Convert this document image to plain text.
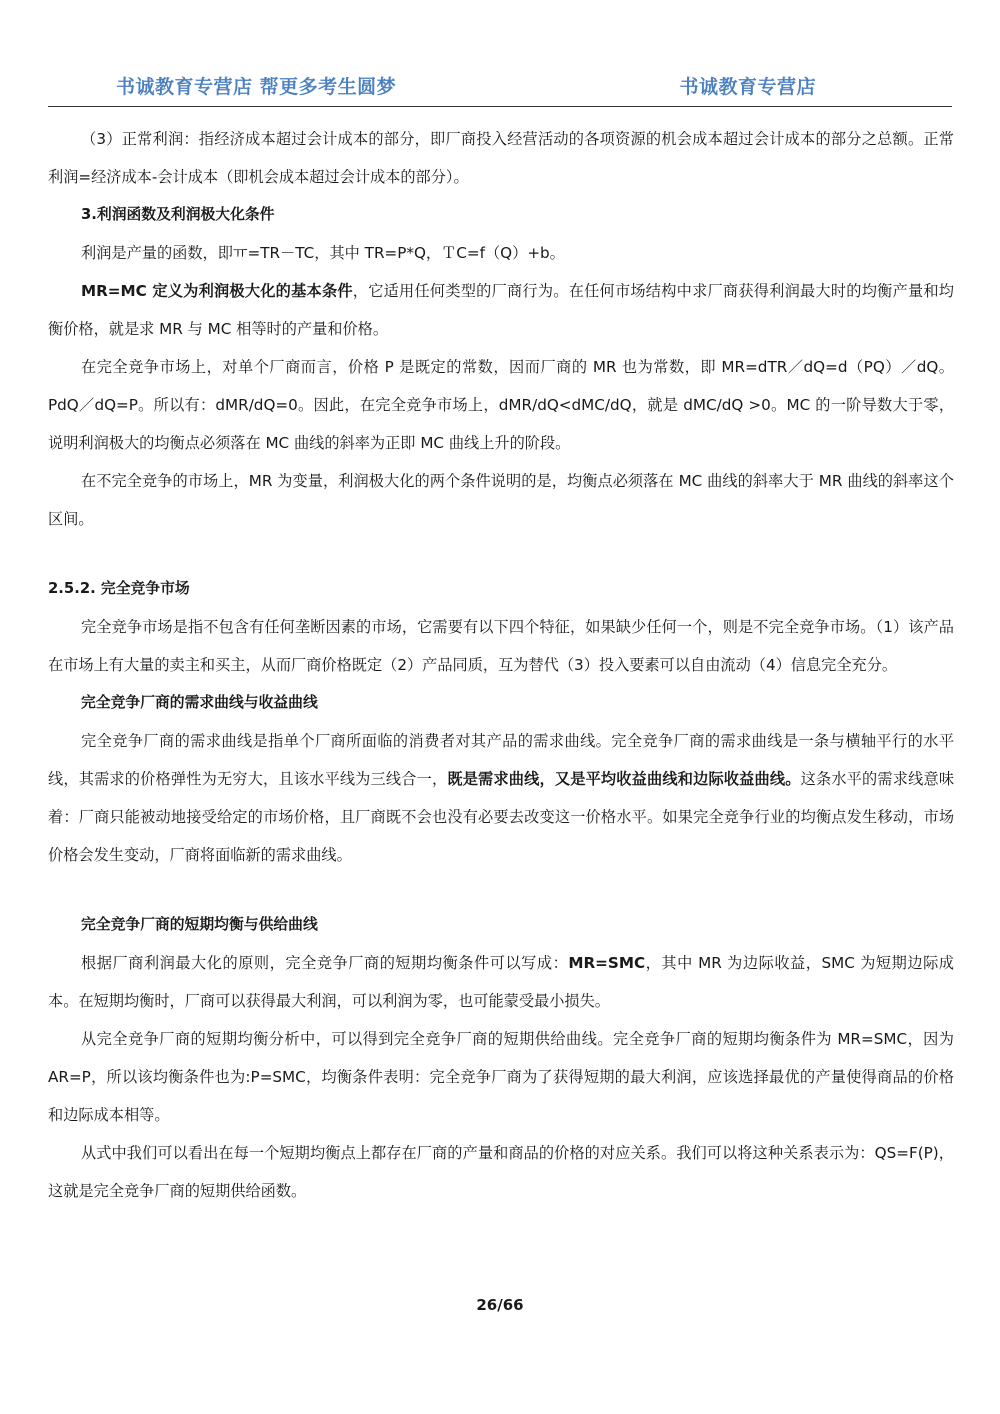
书诚教育专营店 帮更多考生圆梦	书诚教育专营店

（3）正常利润：指经济成本超过会计成本的部分，即厂商投入经营活动的各项资源的机会成本超过会计成本的部分之总额。正常利润=经济成本-会计成本（即机会成本超过会计成本的部分）。

3.利润函数及利润极大化条件

利润是产量的函数，即ㅠ=TR－TC，其中 TR=P*Q，ＴC=f（Q）+b。

MR=MC 定义为利润极大化的基本条件，它适用任何类型的厂商行为。在任何市场结构中求厂商获得利润最大时的均衡产量和均衡价格，就是求 MR 与 MC 相等时的产量和价格。

在完全竞争市场上，对单个厂商而言，价格 P 是既定的常数，因而厂商的 MR 也为常数，即 MR=dTR／dQ=d（PQ）／dQ。PdQ／dQ=P。所以有：dMR/dQ=0。因此，在完全竞争市场上，dMR/dQ<dMC/dQ，就是 dMC/dQ >0。MC 的一阶导数大于零，说明利润极大的均衡点必须落在 MC 曲线的斜率为正即 MC 曲线上升的阶段。

在不完全竞争的市场上，MR 为变量，利润极大化的两个条件说明的是，均衡点必须落在 MC 曲线的斜率大于 MR 曲线的斜率这个区间。

2.5.2. 完全竞争市场

完全竞争市场是指不包含有任何垄断因素的市场，它需要有以下四个特征，如果缺少任何一个，则是不完全竞争市场。（1）该产品在市场上有大量的卖主和买主，从而厂商价格既定（2）产品同质，互为替代（3）投入要素可以自由流动（4）信息完全充分。

完全竞争厂商的需求曲线与收益曲线

完全竞争厂商的需求曲线是指单个厂商所面临的消费者对其产品的需求曲线。完全竞争厂商的需求曲线是一条与横轴平行的水平线，其需求的价格弹性为无穷大，且该水平线为三线合一，既是需求曲线，又是平均收益曲线和边际收益曲线。这条水平的需求线意味着：厂商只能被动地接受给定的市场价格，且厂商既不会也没有必要去改变这一价格水平。如果完全竞争行业的均衡点发生移动，市场价格会发生变动，厂商将面临新的需求曲线。

完全竞争厂商的短期均衡与供给曲线

根据厂商利润最大化的原则，完全竞争厂商的短期均衡条件可以写成：MR=SMC，其中 MR 为边际收益，SMC 为短期边际成本。在短期均衡时，厂商可以获得最大利润，可以利润为零，也可能蒙受最小损失。

从完全竞争厂商的短期均衡分析中，可以得到完全竞争厂商的短期供给曲线。完全竞争厂商的短期均衡条件为 MR=SMC，因为 AR=P，所以该均衡条件也为:P=SMC，均衡条件表明：完全竞争厂商为了获得短期的最大利润，应该选择最优的产量使得商品的价格和边际成本相等。

从式中我们可以看出在每一个短期均衡点上都存在厂商的产量和商品的价格的对应关系。我们可以将这种关系表示为：QS=F(P)，这就是完全竞争厂商的短期供给函数。

26/66
